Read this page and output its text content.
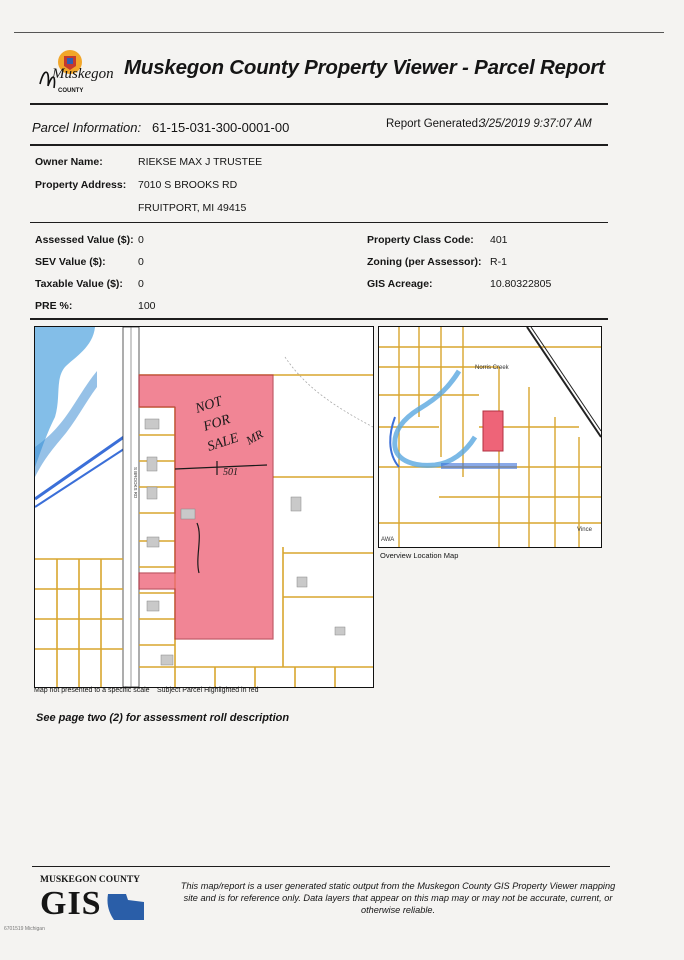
Muskegon
COUNTY
Muskegon County Property Viewer - Parcel Report
Parcel Information: 61-15-031-300-0001-00	Report Generated:
3/25/2019 9:37:07 AM
Owner Name:	RIEKSE MAX J TRUSTEE
Property Address: 7010 S BROOKS RD
FRUITPORT, MI 49415
Assessed Value ($): 0
SEV Value ($):	0
Taxable Value ($): 0
PRE %:	100
Property Class Code: 401
Zoning (per Assessor): R-1
GIS Acreage:	10.80322805
NOT
FOR
SALE MR
501
S BROOKS RD
Map not presented to a specific scale Subject Parcel Highlighted in red
Norris Creek
Vince
AWA
Overview Location Map
See page two (2) for assessment roll description
MUSKEGON COUNTY
GIS	This map/report is a user generated static output from the Muskegon County GIS Property Viewer mapping site and is for reference only. Data layers that appear on this map may or may not be accurate, current, or otherwise reliable.
6701519 Michigan
